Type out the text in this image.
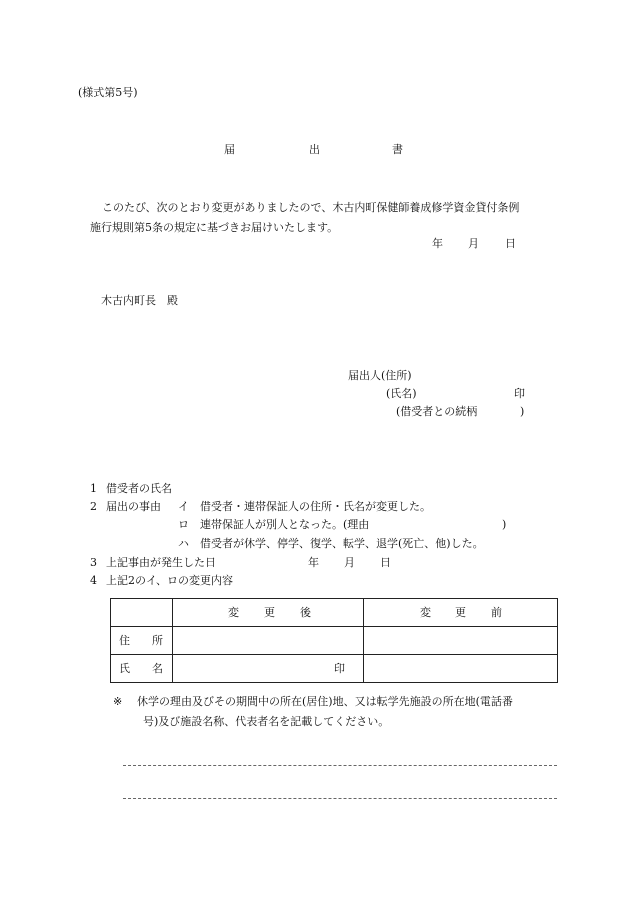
(様式第5号)
届	出	書

このたび、次のとおり変更がありましたので、木古内町保健師養成修学資金貸付条例

施行規則第5条の規定に基づきお届けいたします。

年 月 日
木古内町長　殿
届出人(住所)
(氏名)	印
(借受者との続柄	)
1 借受者の氏名
2 届出の事由 イ 借受者・連帯保証人の住所・氏名が変更した。
ロ 連帯保証人が別人となった。(理由	)
ハ 借受者が休学、停学、復学、転学、退学(死亡、他)した。
3 上記事由が発生した日	年 月 日
4 上記2のイ、ロの変更内容

	変 更 後	変 更 前

住 所		

氏 名	印	

※ 休学の理由及びその期間中の所在(居住)地、又は転学先施設の所在地(電話番

号)及び施設名称、代表者名を記載してください。
